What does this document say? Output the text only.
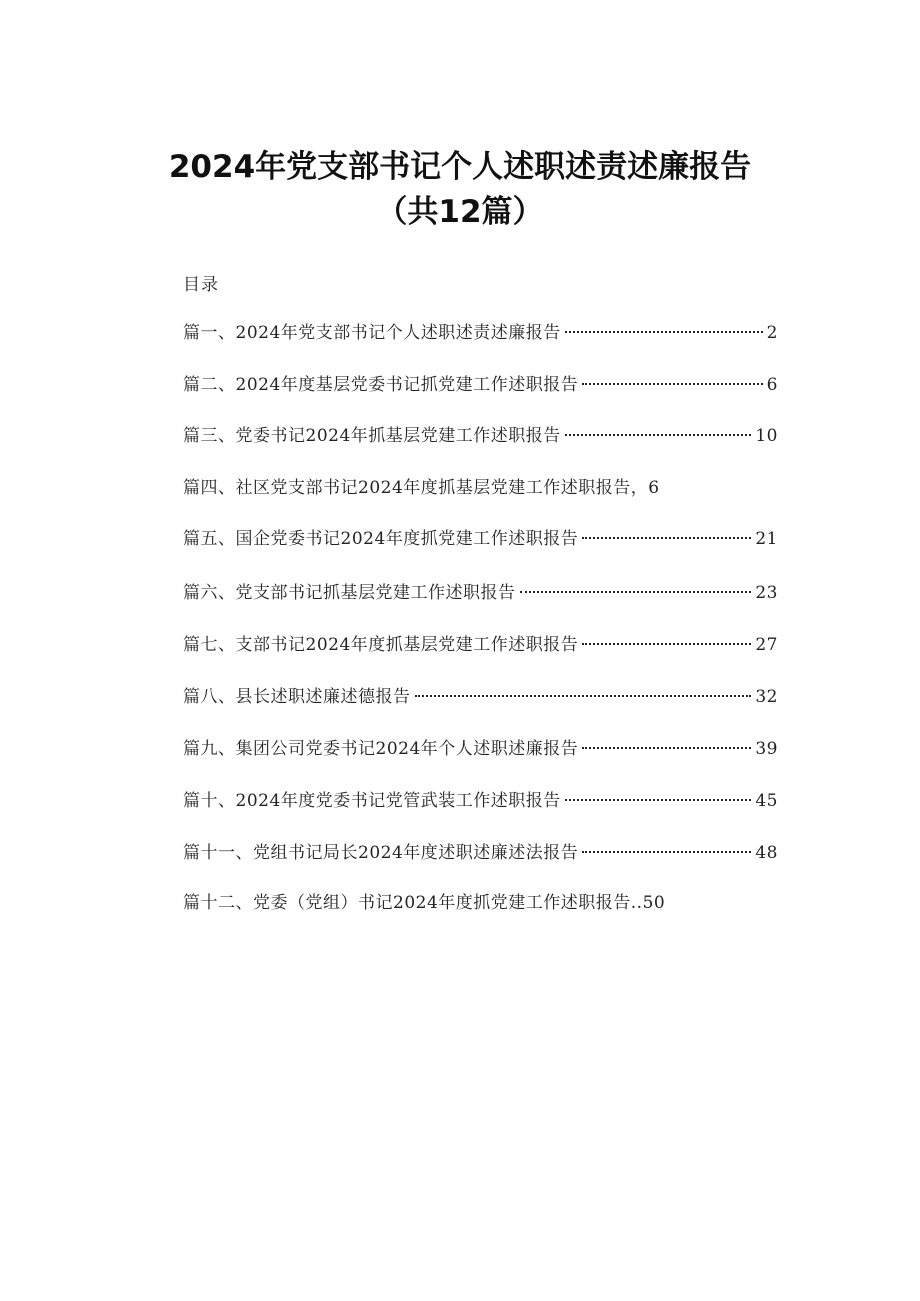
2024年党支部书记个人述职述责述廉报告
（共12篇）
目录
篇一、2024年党支部书记个人述职述责述廉报告	2
篇二、2024年度基层党委书记抓党建工作述职报告	6
篇三、党委书记2024年抓基层党建工作述职报告	10
篇四、社区党支部书记2024年度抓基层党建工作述职报告，6
篇五、国企党委书记2024年度抓党建工作述职报告	21
篇六、党支部书记抓基层党建工作述职报告	23
篇七、支部书记2024年度抓基层党建工作述职报告	27
篇八、县长述职述廉述德报告	32
篇九、集团公司党委书记2024年个人述职述廉报告	39
篇十、2024年度党委书记党管武装工作述职报告	45
篇十一、党组书记局长2024年度述职述廉述法报告	48
篇十二、党委（党组）书记2024年度抓党建工作述职报告..50
